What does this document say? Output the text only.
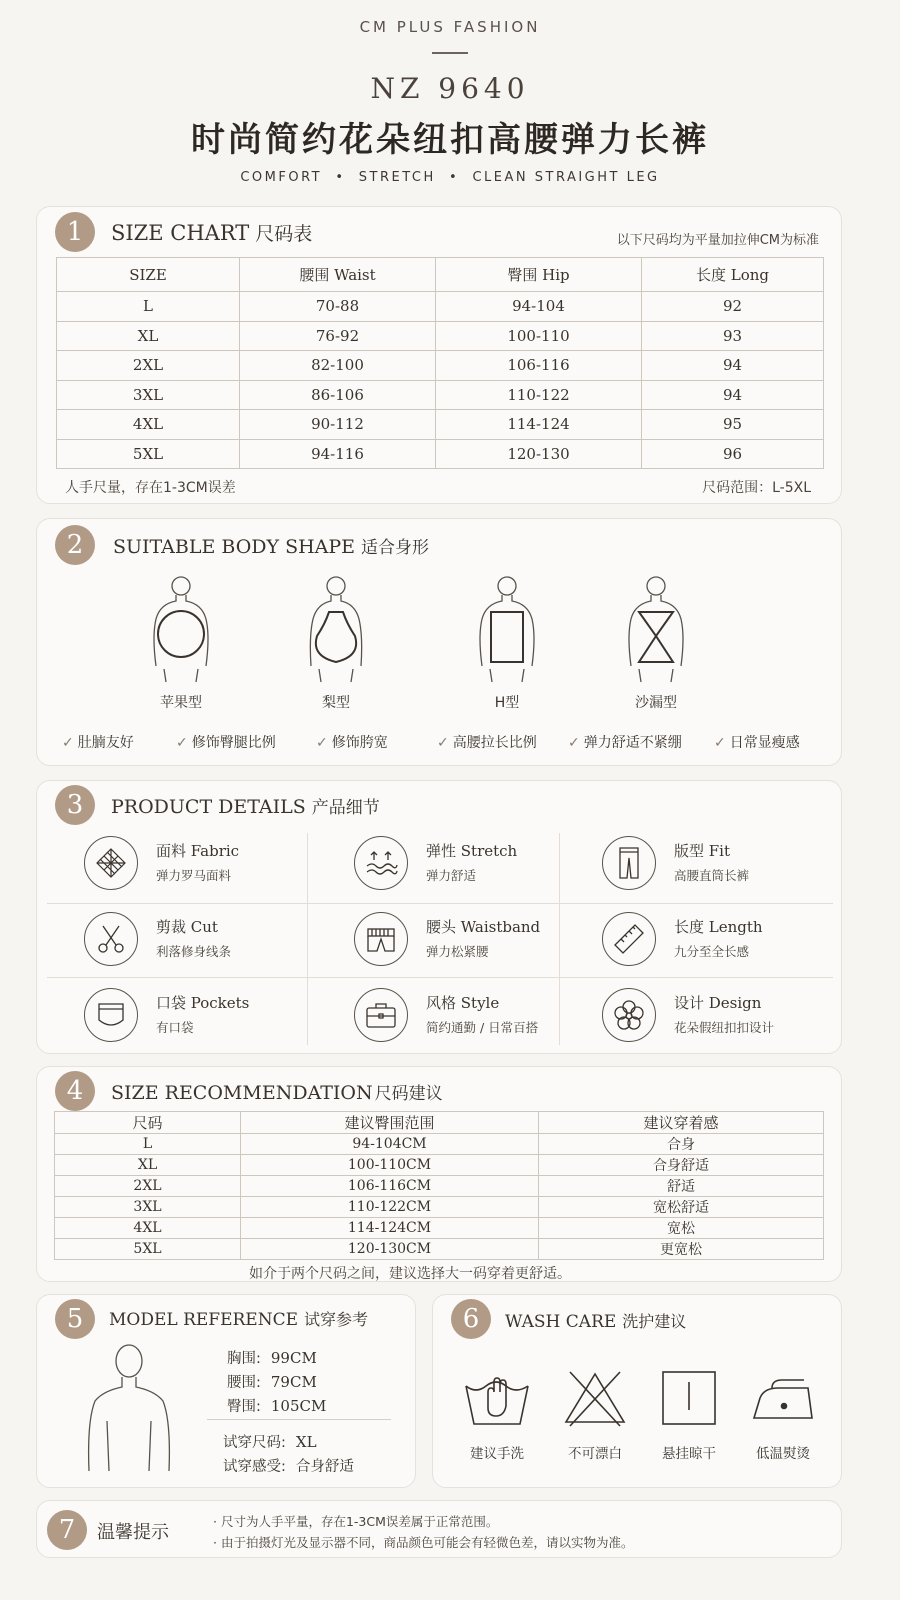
CM PLUS FASHION
NZ 9640
时尚简约花朵纽扣高腰弹力长裤
COMFORT  •  STRETCH  •  CLEAN STRAIGHT LEG
1	SIZE CHART 尺码表	以下尺码均为平量加拉伸CM为标准
SIZE	腰围 Waist	臀围 Hip	长度 Long
L	70-88	94-104	92
XL	76-92	100-110	93
2XL	82-100	106-116	94
3XL	86-106	110-122	94
4XL	90-112	114-124	95
5XL	94-116	120-130	96
人手尺量，存在1-3CM误差	尺码范围：L-5XL
2	SUITABLE BODY SHAPE 适合身形
苹果型	梨型	H型	沙漏型
✓ 肚腩友好	✓ 修饰臀腿比例	✓ 修饰胯宽	✓ 高腰拉长比例 ✓ 弹力舒适不紧绷 ✓ 日常显瘦感
3	PRODUCT DETAILS 产品细节
面料 Fabric
弹力罗马面料
弹性 Stretch
弹力舒适
版型 Fit
高腰直筒长裤
剪裁 Cut
利落修身线条
腰头 Waistband
弹力松紧腰
长度 Length
九分至全长感
口袋 Pockets
有口袋
风格 Style
简约通勤 / 日常百搭
设计 Design
花朵假纽扣扣设计
4	SIZE RECOMMENDATION 尺码建议
尺码	建议臀围范围	建议穿着感
L	94-104CM	合身
XL	100-110CM	合身舒适
2XL	106-116CM	舒适
3XL	110-122CM	宽松舒适
4XL	114-124CM	宽松
5XL	120-130CM	更宽松
如介于两个尺码之间，建议选择大一码穿着更舒适。
5	MODEL REFERENCE 试穿参考
胸围: 99CM
腰围: 79CM
臀围: 105CM
试穿尺码: XL
试穿感受: 合身舒适
6	WASH CARE 洗护建议
建议手洗	不可漂白	悬挂晾干	低温熨烫
7	温馨提示
· 尺寸为人手平量，存在1-3CM误差属于正常范围。
· 由于拍摄灯光及显示器不同，商品颜色可能会有轻微色差，请以实物为准。
